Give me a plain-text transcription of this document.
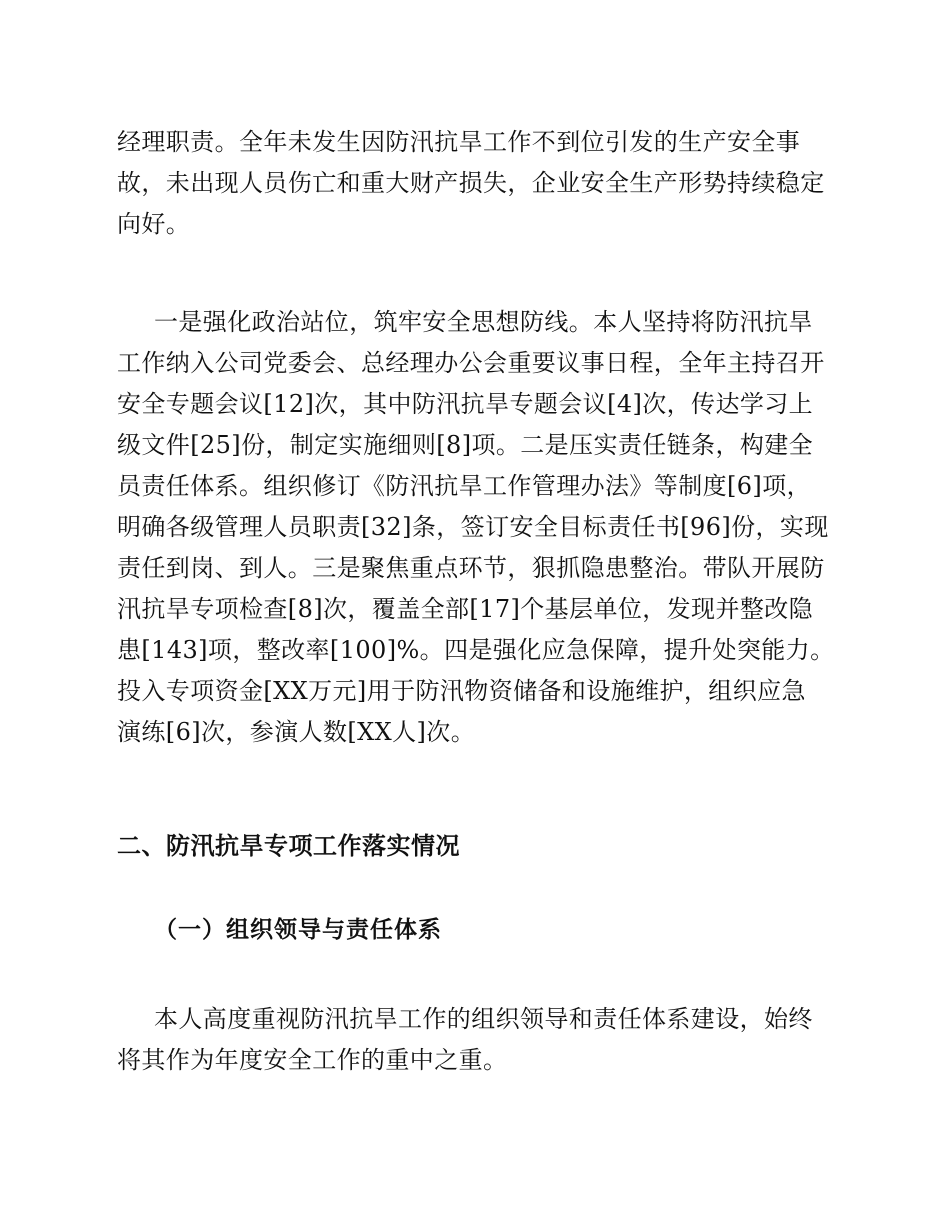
经理职责。全年未发生因防汛抗旱工作不到位引发的生产安全事
故，未出现人员伤亡和重大财产损失，企业安全生产形势持续稳定
向好。
一是强化政治站位，筑牢安全思想防线。本人坚持将防汛抗旱
工作纳入公司党委会、总经理办公会重要议事日程，全年主持召开
安全专题会议[12]次，其中防汛抗旱专题会议[4]次，传达学习上
级文件[25]份，制定实施细则[8]项。二是压实责任链条，构建全
员责任体系。组织修订《防汛抗旱工作管理办法》等制度[6]项，
明确各级管理人员职责[32]条，签订安全目标责任书[96]份，实现
责任到岗、到人。三是聚焦重点环节，狠抓隐患整治。带队开展防
汛抗旱专项检查[8]次，覆盖全部[17]个基层单位，发现并整改隐
患[143]项，整改率[100]%。四是强化应急保障，提升处突能力。
投入专项资金[XX万元]用于防汛物资储备和设施维护，组织应急
演练[6]次，参演人数[XX人]次。
二、防汛抗旱专项工作落实情况
（一）组织领导与责任体系
本人高度重视防汛抗旱工作的组织领导和责任体系建设，始终
将其作为年度安全工作的重中之重。
